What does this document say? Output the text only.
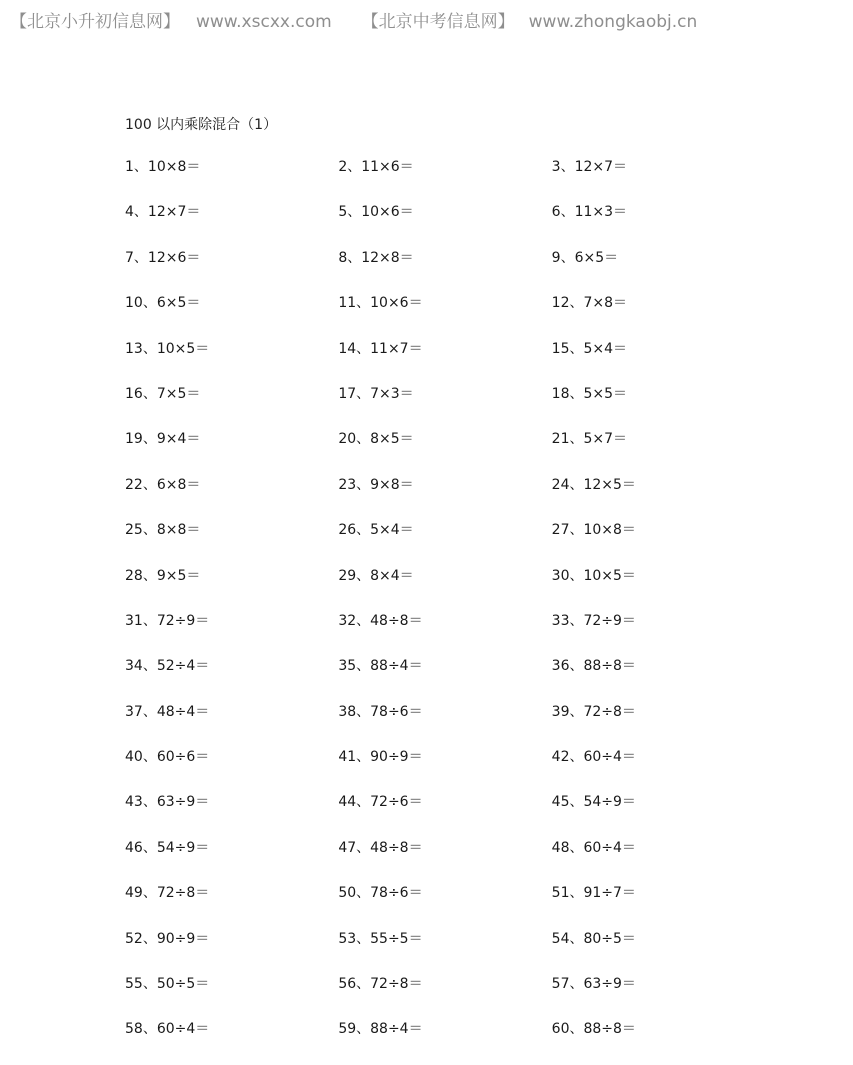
【北京小升初信息网】 www.xscxx.com 【北京中考信息网】 www.zhongkaobj.cn
100 以内乘除混合（1）
1、10×8＝	2、11×6＝	3、12×7＝
4、12×7＝	5、10×6＝	6、11×3＝
7、12×6＝	8、12×8＝	9、6×5＝
10、6×5＝	11、10×6＝	12、7×8＝
13、10×5＝	14、11×7＝	15、5×4＝
16、7×5＝	17、7×3＝	18、5×5＝
19、9×4＝	20、8×5＝	21、5×7＝
22、6×8＝	23、9×8＝	24、12×5＝
25、8×8＝	26、5×4＝	27、10×8＝
28、9×5＝	29、8×4＝	30、10×5＝
31、72÷9＝	32、48÷8＝	33、72÷9＝
34、52÷4＝	35、88÷4＝	36、88÷8＝
37、48÷4＝	38、78÷6＝	39、72÷8＝
40、60÷6＝	41、90÷9＝	42、60÷4＝
43、63÷9＝	44、72÷6＝	45、54÷9＝
46、54÷9＝	47、48÷8＝	48、60÷4＝
49、72÷8＝	50、78÷6＝	51、91÷7＝
52、90÷9＝	53、55÷5＝	54、80÷5＝
55、50÷5＝	56、72÷8＝	57、63÷9＝
58、60÷4＝	59、88÷4＝	60、88÷8＝
